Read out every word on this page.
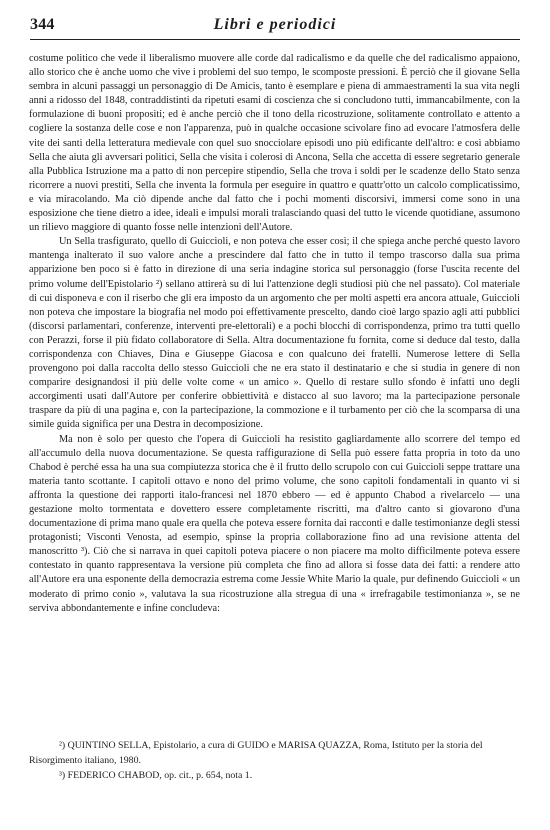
344	Libri e periodici

costume politico che vede il liberalismo muovere alle corde dal radicalismo e da quelle che del radicalismo appaiono, allo storico che è anche uomo che vive i problemi del suo tempo, le scomposte pressioni. È perciò che il giovane Sella sembra in alcuni passaggi un personaggio di De Amicis, tanto è esemplare e piena di ammaestramenti la sua vita negli anni a ridosso del 1848, contraddistinti da ripetuti esami di coscienza che si concludono tutti, immancabilmente, con la formulazione di buoni propositi; ed è anche perciò che il tono della ricostruzione, solitamente controllato e attento a cogliere la sostanza delle cose e non l'apparenza, può in qualche occasione scivolare fino ad evocare l'atmosfera delle vite dei santi della letteratura medievale con quel suo snocciolare episodi uno più edificante dell'altro: e così abbiamo Sella che aiuta gli avversari politici, Sella che visita i colerosi di Ancona, Sella che accetta di essere segretario generale alla Pubblica Istruzione ma a patto di non percepire stipendio, Sella che trova i soldi per le scadenze dello Stato senza ricorrere a nuovi prestiti, Sella che inventa la formula per eseguire in quattro e quattr'otto un calcolo complicatissimo, e via miracolando. Ma ciò dipende anche dal fatto che i pochi momenti discorsivi, immersi come sono in una esposizione che tiene dietro a idee, ideali e impulsi morali tralasciando quasi del tutto le vicende quotidiane, assumono un rilievo maggiore di quanto fosse nelle intenzioni dell'Autore.

Un Sella trasfigurato, quello di Guiccioli, e non poteva che esser così; il che spiega anche perché questo lavoro mantenga inalterato il suo valore anche a prescindere dal fatto che in tutto il tempo trascorso dalla sua prima apparizione ben poco si è fatto in direzione di una seria indagine storica sul personaggio (forse l'uscita recente del primo volume dell'Epistolario ²) sellano attirerà su di lui l'attenzione degli studiosi più che nel passato). Col materiale di cui disponeva e con il riserbo che gli era imposto da un argomento che per molti aspetti era ancora attuale, Guiccioli non poteva che impostare la biografia nel modo poi effettivamente prescelto, dando cioè largo spazio agli atti pubblici (discorsi parlamentari, conferenze, interventi pre-elettorali) e a pochi blocchi di corrispondenza, primo tra tutti quello con Perazzi, forse il più fidato collaboratore di Sella. Altra documentazione fu fornita, come si deduce dal testo, dalla corrispondenza con Chiaves, Dina e Giuseppe Giacosa e con qualcuno dei fratelli. Numerose lettere di Sella provengono poi dalla raccolta dello stesso Guiccioli che ne era stato il destinatario e che si studia in genere di non comparire designandosi il più delle volte come « un amico ». Quello di restare sullo sfondo è infatti uno degli accorgimenti usati dall'Autore per conferire obbiettività e distacco al suo lavoro; ma la partecipazione personale traspare da più di una pagina e, con la partecipazione, la commozione e il turbamento per ciò che la scomparsa di una simile guida significa per una Destra in decomposizione.

Ma non è solo per questo che l'opera di Guiccioli ha resistito gagliardamente allo scorrere del tempo ed all'accumulo della nuova documentazione. Se questa raffigurazione di Sella può essere fatta propria in toto da uno Chabod è perché essa ha una sua compiutezza storica che è il frutto dello scrupolo con cui Guiccioli seppe trattare una materia tanto scottante. I capitoli ottavo e nono del primo volume, che sono capitoli fondamentali in quanto vi si affronta la questione dei rapporti italo-francesi nel 1870 ebbero — ed è appunto Chabod a rivelarcelo — una gestazione molto tormentata e dovettero essere completamente riscritti, ma d'altro canto si giovarono d'una documentazione di prima mano quale era quella che poteva essere fornita dai racconti e dalle testimonianze degli stessi protagonisti; Visconti Venosta, ad esempio, spinse la propria collaborazione fino ad una revisione attenta del manoscritto ³). Ciò che si narrava in quei capitoli poteva piacere o non piacere ma molto difficilmente poteva essere contestato in quanto rappresentava la versione più completa che fino ad allora si fosse data dei fatti: a rendere atto all'Autore era una esponente della democrazia estrema come Jessie White Mario la quale, pur definendo Guiccioli « un moderato di primo conio », valutava la sua ricostruzione alla stregua di una « irrefragabile testimonianza », se ne serviva abbondantemente e infine concludeva:

²) QUINTINO SELLA, Epistolario, a cura di GUIDO e MARISA QUAZZA, Roma, Istituto per la storia del Risorgimento italiano, 1980.

³) FEDERICO CHABOD, op. cit., p. 654, nota 1.
